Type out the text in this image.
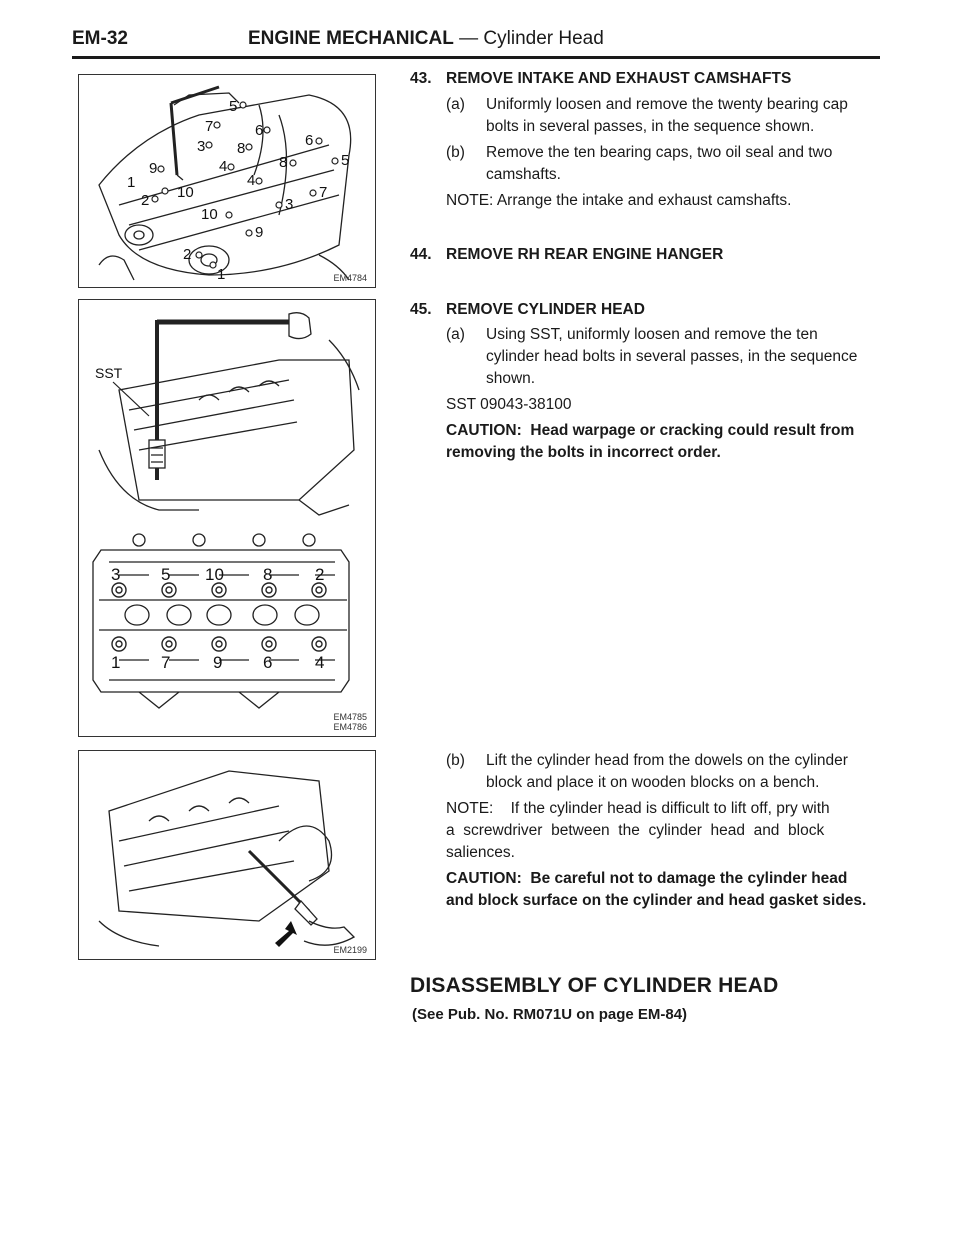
EM-32	ENGINE MECHANICAL — Cylinder Head
5
7	6
3 8	6
5
9	4	8
1
10
4
7
2
10
3
9
2
1	EM4784
SST
3 5 10 8	2
1 7	9 6	4
EM4785
EM4786
EM2199
43. REMOVE INTAKE AND EXHAUST CAMSHAFTS
(a) Uniformly loosen and remove the twenty bearing cap
bolts in several passes, in the sequence shown.
(b) Remove the ten bearing caps, two oil seal and two
camshafts.
NOTE: Arrange the intake and exhaust camshafts.
44. REMOVE RH REAR ENGINE HANGER
45. REMOVE CYLINDER HEAD
(a) Using SST, uniformly loosen and remove the ten
cylinder head bolts in several passes, in the sequence
shown.
SST 09043-38100
CAUTION: Head warpage or cracking could result from
removing the bolts in incorrect order.
(b) Lift the cylinder head from the dowels on the cylinder
block and place it on wooden blocks on a bench.
NOTE:    If the cylinder head is difficult to lift off, pry with
a  screwdriver  between  the  cylinder  head  and  block
saliences.
CAUTION: Be careful not to damage the cylinder head
and block surface on the cylinder and head gasket sides.
DISASSEMBLY OF CYLINDER HEAD
(See Pub. No. RM071U on page EM-84)
